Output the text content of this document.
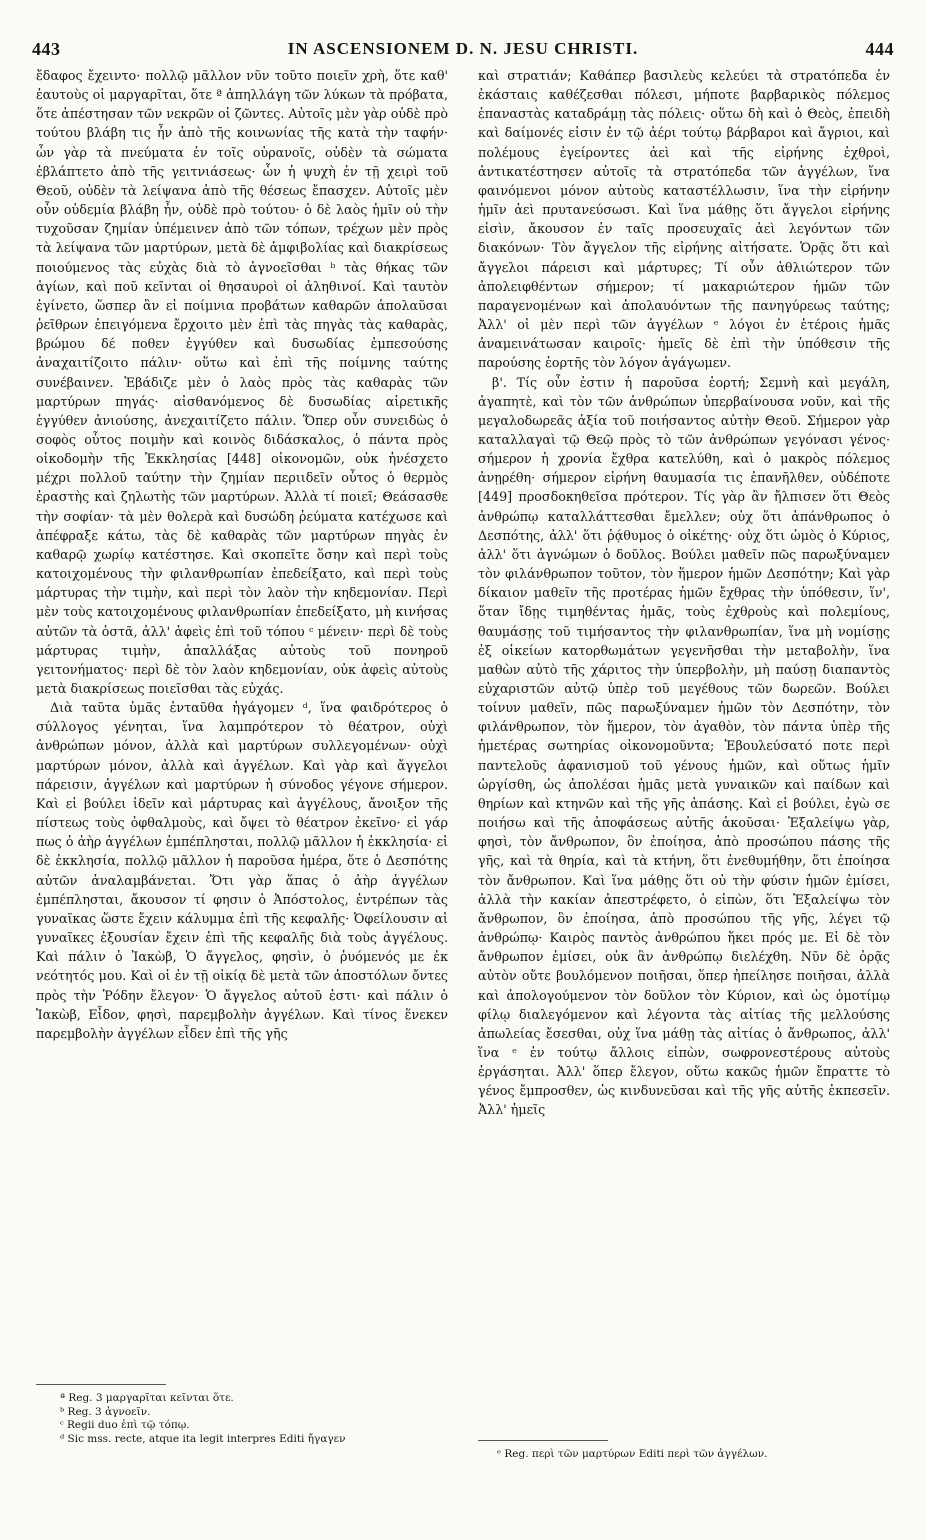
443	IN ASCENSIONEM D. N. JESU CHRISTI.	444

ἔδαφος ἔχειντο· πολλῷ μᾶλλον νῦν τοῦτο ποιεῖν χρὴ, ὅτε καθ' ἑαυτοὺς οἱ μαργαρῖται, ὅτε ª ἀπηλλάγη τῶν λύκων τὰ πρόβατα, ὅτε ἀπέστησαν τῶν νεκρῶν οἱ ζῶντες. Αὐτοῖς μὲν γὰρ οὐδὲ πρὸ τούτου βλάβη τις ἦν ἀπὸ τῆς κοινωνίας τῆς κατὰ τὴν ταφήν· ὧν γὰρ τὰ πνεύματα ἐν τοῖς οὐρανοῖς, οὐδὲν τὰ σώματα ἐβλάπτετο ἀπὸ τῆς γειτνιάσεως· ὧν ἡ ψυχὴ ἐν τῇ χειρὶ τοῦ Θεοῦ, οὐδὲν τὰ λείψανα ἀπὸ τῆς θέσεως ἔπασχεν. Αὐτοῖς μὲν οὖν οὐδεμία βλάβη ἦν, οὐδὲ πρὸ τούτου· ὁ δὲ λαὸς ἡμῖν οὐ τὴν τυχοῦσαν ζημίαν ὑπέμεινεν ἀπὸ τῶν τόπων, τρέχων μὲν πρὸς τὰ λείψανα τῶν μαρτύρων, μετὰ δὲ ἀμφιβολίας καὶ διακρίσεως ποιούμενος τὰς εὐχὰς διὰ τὸ ἀγνοεῖσθαι ᵇ τὰς θήκας τῶν ἁγίων, καὶ ποῦ κεῖνται οἱ θησαυροὶ οἱ ἀληθινοί. Καὶ ταυτὸν ἐγίνετο, ὥσπερ ἂν εἰ ποίμνια προβάτων καθαρῶν ἀπολαῦσαι ῥεῖθρων ἐπειγόμενα ἔρχοιτο μὲν ἐπὶ τὰς πηγὰς τὰς καθαρὰς, βρώμου δέ ποθεν ἐγγύθεν καὶ δυσωδίας ἐμπεσούσης ἀναχαιτίζοιτο πάλιν· οὕτω καὶ ἐπὶ τῆς ποίμνης ταύτης συνέβαινεν. Ἐβάδιζε μὲν ὁ λαὸς πρὸς τὰς καθαρὰς τῶν μαρτύρων πηγάς· αἰσθανόμενος δὲ δυσωδίας αἱρετικῆς ἐγγύθεν ἀνιούσης, ἀνεχαιτίζετο πάλιν. Ὅπερ οὖν συνειδὼς ὁ σοφὸς οὗτος ποιμὴν καὶ κοινὸς διδάσκαλος, ὁ πάντα πρὸς οἰκοδομὴν τῆς Ἐκκλησίας [448] οἰκονομῶν, οὐκ ἠνέσχετο μέχρι πολλοῦ ταύτην τὴν ζημίαν περιιδεῖν οὗτος ὁ θερμὸς ἐραστὴς καὶ ζηλωτὴς τῶν μαρτύρων. Ἀλλὰ τί ποιεῖ; Θεάσασθε τὴν σοφίαν· τὰ μὲν θολερὰ καὶ δυσώδη ῥεύματα κατέχωσε καὶ ἀπέφραξε κάτω, τὰς δὲ καθαρὰς τῶν μαρτύρων πηγὰς ἐν καθαρῷ χωρίῳ κατέστησε. Καὶ σκοπεῖτε ὅσην καὶ περὶ τοὺς κατοιχομένους τὴν φιλανθρωπίαν ἐπεδείξατο, καὶ περὶ τοὺς μάρτυρας τὴν τιμὴν, καὶ περὶ τὸν λαὸν τὴν κηδεμονίαν. Περὶ μὲν τοὺς κατοιχομένους φιλανθρωπίαν ἐπεδείξατο, μὴ κινήσας αὐτῶν τὰ ὀστᾶ, ἀλλ' ἀφεὶς ἐπὶ τοῦ τόπου ᶜ μένειν· περὶ δὲ τοὺς μάρτυρας τιμὴν, ἀπαλλάξας αὐτοὺς τοῦ πονηροῦ γειτονήματος· περὶ δὲ τὸν λαὸν κηδεμονίαν, οὐκ ἀφεὶς αὐτοὺς μετὰ διακρίσεως ποιεῖσθαι τὰς εὐχάς.

Διὰ ταῦτα ὑμᾶς ἐνταῦθα ἠγάγομεν ᵈ, ἵνα φαιδρότερος ὁ σύλλογος γένηται, ἵνα λαμπρότερον τὸ θέατρον, οὐχὶ ἀνθρώπων μόνον, ἀλλὰ καὶ μαρτύρων συλλεγομένων· οὐχὶ μαρτύρων μόνον, ἀλλὰ καὶ ἀγγέλων. Καὶ γὰρ καὶ ἄγγελοι πάρεισιν, ἀγγέλων καὶ μαρτύρων ἡ σύνοδος γέγονε σήμερον. Καὶ εἰ βούλει ἰδεῖν καὶ μάρτυρας καὶ ἀγγέλους, ἄνοιξον τῆς πίστεως τοὺς ὀφθαλμοὺς, καὶ ὄψει τὸ θέατρον ἐκεῖνο· εἰ γάρ πως ὁ ἀὴρ ἀγγέλων ἐμπέπλησται, πολλῷ μᾶλλον ἡ ἐκκλησία· εἰ δὲ ἐκκλησία, πολλῷ μᾶλλον ἡ παροῦσα ἡμέρα, ὅτε ὁ Δεσπότης αὐτῶν ἀναλαμβάνεται. Ὅτι γὰρ ἅπας ὁ ἀὴρ ἀγγέλων ἐμπέπλησται, ἄκουσον τί φησιν ὁ Ἀπόστολος, ἐντρέπων τὰς γυναῖκας ὥστε ἔχειν κάλυμμα ἐπὶ τῆς κεφαλῆς· Ὀφείλουσιν αἱ γυναῖκες ἐξουσίαν ἔχειν ἐπὶ τῆς κεφαλῆς διὰ τοὺς ἀγγέλους. Καὶ πάλιν ὁ Ἰακὼβ, Ὁ ἄγγελος, φησὶν, ὁ ῥυόμενός με ἐκ νεότητός μου. Καὶ οἱ ἐν τῇ οἰκίᾳ δὲ μετὰ τῶν ἀποστόλων ὄντες πρὸς τὴν Ῥόδην ἔλεγον· Ὁ ἄγγελος αὐτοῦ ἐστι· καὶ πάλιν ὁ Ἰακὼβ, Εἶδον, φησὶ, παρεμβολὴν ἀγγέλων. Καὶ τίνος ἕνεκεν παρεμβολὴν ἀγγέλων εἶδεν ἐπὶ τῆς γῆς

καὶ στρατιάν; Καθάπερ βασιλεὺς κελεύει τὰ στρατόπεδα ἐν ἑκάσταις καθέζεσθαι πόλεσι, μήποτε βαρβαρικὸς πόλεμος ἐπαναστὰς καταδράμῃ τὰς πόλεις· οὕτω δὴ καὶ ὁ Θεὸς, ἐπειδὴ καὶ δαίμονές εἰσιν ἐν τῷ ἀέρι τούτῳ βάρβαροι καὶ ἄγριοι, καὶ πολέμους ἐγείροντες ἀεὶ καὶ τῆς εἰρήνης ἐχθροὶ, ἀντικατέστησεν αὐτοῖς τὰ στρατόπεδα τῶν ἀγγέλων, ἵνα φαινόμενοι μόνον αὐτοὺς καταστέλλωσιν, ἵνα τὴν εἰρήνην ἡμῖν ἀεὶ πρυτανεύσωσι. Καὶ ἵνα μάθῃς ὅτι ἄγγελοι εἰρήνης εἰσὶν, ἄκουσον ἐν ταῖς προσευχαῖς ἀεὶ λεγόντων τῶν διακόνων· Τὸν ἄγγελον τῆς εἰρήνης αἰτήσατε. Ὁρᾷς ὅτι καὶ ἄγγελοι πάρεισι καὶ μάρτυρες; Τί οὖν ἀθλιώτερον τῶν ἀπολειφθέντων σήμερον; τί μακαριώτερον ἡμῶν τῶν παραγενομένων καὶ ἀπολαυόντων τῆς πανηγύρεως ταύτης; Ἀλλ' οἱ μὲν περὶ τῶν ἀγγέλων ᵉ λόγοι ἐν ἑτέροις ἡμᾶς ἀναμεινάτωσαν καιροῖς· ἡμεῖς δὲ ἐπὶ τὴν ὑπόθεσιν τῆς παρούσης ἑορτῆς τὸν λόγον ἀγάγωμεν.

β'. Τίς οὖν ἐστιν ἡ παροῦσα ἑορτή; Σεμνὴ καὶ μεγάλη, ἀγαπητὲ, καὶ τὸν τῶν ἀνθρώπων ὑπερβαίνουσα νοῦν, καὶ τῆς μεγαλοδωρεᾶς ἀξία τοῦ ποιήσαντος αὐτὴν Θεοῦ. Σήμερον γὰρ καταλλαγαὶ τῷ Θεῷ πρὸς τὸ τῶν ἀνθρώπων γεγόνασι γένος· σήμερον ἡ χρονία ἔχθρα κατελύθη, καὶ ὁ μακρὸς πόλεμος ἀνῃρέθη· σήμερον εἰρήνη θαυμασία τις ἐπανῆλθεν, οὐδέποτε [449] προσδοκηθεῖσα πρότερον. Τίς γὰρ ἂν ἤλπισεν ὅτι Θεὸς ἀνθρώπῳ καταλλάττεσθαι ἔμελλεν; οὐχ ὅτι ἀπάνθρωπος ὁ Δεσπότης, ἀλλ' ὅτι ῥᾴθυμος ὁ οἰκέτης· οὐχ ὅτι ὠμὸς ὁ Κύριος, ἀλλ' ὅτι ἀγνώμων ὁ δοῦλος. Βούλει μαθεῖν πῶς παρωξύναμεν τὸν φιλάνθρωπον τοῦτον, τὸν ἥμερον ἡμῶν Δεσπότην; Καὶ γὰρ δίκαιον μαθεῖν τῆς προτέρας ἡμῶν ἔχθρας τὴν ὑπόθεσιν, ἵν', ὅταν ἴδῃς τιμηθέντας ἡμᾶς, τοὺς ἐχθροὺς καὶ πολεμίους, θαυμάσῃς τοῦ τιμήσαντος τὴν φιλανθρωπίαν, ἵνα μὴ νομίσῃς ἐξ οἰκείων κατορθωμάτων γεγενῆσθαι τὴν μεταβολὴν, ἵνα μαθὼν αὐτὸ τῆς χάριτος τὴν ὑπερβολὴν, μὴ παύσῃ διαπαντὸς εὐχαριστῶν αὐτῷ ὑπὲρ τοῦ μεγέθους τῶν δωρεῶν. Βούλει τοίνυν μαθεῖν, πῶς παρωξύναμεν ἡμῶν τὸν Δεσπότην, τὸν φιλάνθρωπον, τὸν ἥμερον, τὸν ἀγαθὸν, τὸν πάντα ὑπὲρ τῆς ἡμετέρας σωτηρίας οἰκονομοῦντα; Ἐβουλεύσατό ποτε περὶ παντελοῦς ἀφανισμοῦ τοῦ γένους ἡμῶν, καὶ οὕτως ἡμῖν ὠργίσθη, ὡς ἀπολέσαι ἡμᾶς μετὰ γυναικῶν καὶ παίδων καὶ θηρίων καὶ κτηνῶν καὶ τῆς γῆς ἁπάσης. Καὶ εἰ βούλει, ἐγὼ σε ποιήσω καὶ τῆς ἀποφάσεως αὐτῆς ἀκοῦσαι· Ἐξαλείψω γὰρ, φησὶ, τὸν ἄνθρωπον, ὃν ἐποίησα, ἀπὸ προσώπου πάσης τῆς γῆς, καὶ τὰ θηρία, καὶ τὰ κτήνη, ὅτι ἐνεθυμήθην, ὅτι ἐποίησα τὸν ἄνθρωπον. Καὶ ἵνα μάθῃς ὅτι οὐ τὴν φύσιν ἡμῶν ἐμίσει, ἀλλὰ τὴν κακίαν ἀπεστρέφετο, ὁ εἰπὼν, ὅτι Ἐξαλείψω τὸν ἄνθρωπον, ὃν ἐποίησα, ἀπὸ προσώπου τῆς γῆς, λέγει τῷ ἀνθρώπῳ· Καιρὸς παντὸς ἀνθρώπου ἥκει πρός με. Εἰ δὲ τὸν ἄνθρωπον ἐμίσει, οὐκ ἂν ἀνθρώπῳ διελέχθη. Νῦν δὲ ὁρᾷς αὐτὸν οὔτε βουλόμενον ποιῆσαι, ὅπερ ἠπείλησε ποιῆσαι, ἀλλὰ καὶ ἀπολογούμενον τὸν δοῦλον τὸν Κύριον, καὶ ὡς ὁμοτίμῳ φίλῳ διαλεγόμενον καὶ λέγοντα τὰς αἰτίας τῆς μελλούσης ἀπωλείας ἔσεσθαι, οὐχ ἵνα μάθῃ τὰς αἰτίας ὁ ἄνθρωπος, ἀλλ' ἵνα ᵉ ἐν τούτῳ ἄλλοις εἰπὼν, σωφρονεστέρους αὐτοὺς ἐργάσηται. Ἀλλ' ὅπερ ἔλεγον, οὕτω κακῶς ἡμῶν ἔπραττε τὸ γένος ἔμπροσθεν, ὡς κινδυνεῦσαι καὶ τῆς γῆς αὐτῆς ἐκπεσεῖν. Ἀλλ' ἡμεῖς

ª Reg. 3 μαργαρῖται κεῖνται ὅτε.
ᵇ Reg. 3 ἀγνοεῖν.
ᶜ Regii duo ἐπὶ τῷ τόπῳ.
ᵈ Sic mss. recte, atque ita legit interpres Editi ἤγαγεν
ᵉ Reg. περὶ τῶν μαρτύρων Editi περὶ τῶν ἀγγέλων.
